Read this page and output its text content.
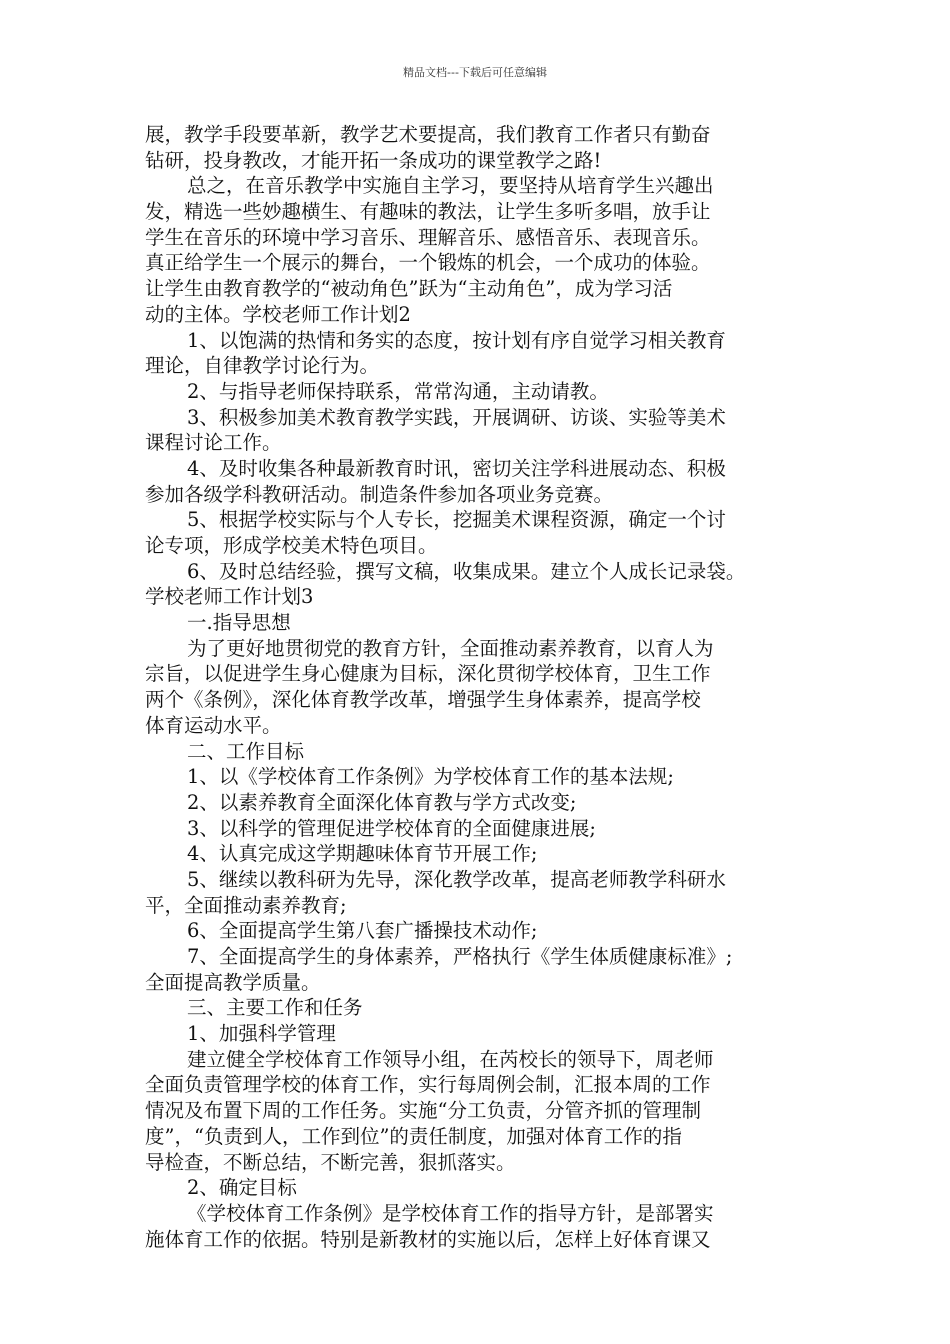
精品文档---下载后可任意编辑
展，教学手段要革新，教学艺术要提高，我们教育工作者只有勤奋
钻研，投身教改，才能开拓一条成功的课堂教学之路!
总之，在音乐教学中实施自主学习，要坚持从培育学生兴趣出
发，精选一些妙趣横生、有趣味的教法，让学生多听多唱，放手让
学生在音乐的环境中学习音乐、理解音乐、感悟音乐、表现音乐。
真正给学生一个展示的舞台，一个锻炼的机会，一个成功的体验。
让学生由教育教学的“被动角色”跃为“主动角色”，成为学习活
动的主体。学校老师工作计划2
1、以饱满的热情和务实的态度，按计划有序自觉学习相关教育
理论，自律教学讨论行为。
2、与指导老师保持联系，常常沟通，主动请教。
3、积极参加美术教育教学实践，开展调研、访谈、实验等美术
课程讨论工作。
4、及时收集各种最新教育时讯，密切关注学科进展动态、积极
参加各级学科教研活动。制造条件参加各项业务竞赛。
5、根据学校实际与个人专长，挖掘美术课程资源，确定一个讨
论专项，形成学校美术特色项目。
6、及时总结经验，撰写文稿，收集成果。建立个人成长记录袋。
学校老师工作计划3
一.指导思想
为了更好地贯彻党的教育方针，全面推动素养教育，以育人为
宗旨，以促进学生身心健康为目标，深化贯彻学校体育，卫生工作
两个《条例》，深化体育教学改革，增强学生身体素养，提高学校
体育运动水平。
二、工作目标
1、以《学校体育工作条例》为学校体育工作的基本法规;
2、以素养教育全面深化体育教与学方式改变;
3、以科学的管理促进学校体育的全面健康进展;
4、认真完成这学期趣味体育节开展工作;
5、继续以教科研为先导，深化教学改革，提高老师教学科研水
平，全面推动素养教育;
6、全面提高学生第八套广播操技术动作;
7、全面提高学生的身体素养，严格执行《学生体质健康标准》;
全面提高教学质量。
三、主要工作和任务
1、加强科学管理
建立健全学校体育工作领导小组，在芮校长的领导下，周老师
全面负责管理学校的体育工作，实行每周例会制，汇报本周的工作
情况及布置下周的工作任务。实施“分工负责，分管齐抓的管理制
度”，“负责到人，工作到位”的责任制度，加强对体育工作的指
导检查，不断总结，不断完善，狠抓落实。
2、确定目标
《学校体育工作条例》是学校体育工作的指导方针，是部署实
施体育工作的依据。特别是新教材的实施以后，怎样上好体育课又
